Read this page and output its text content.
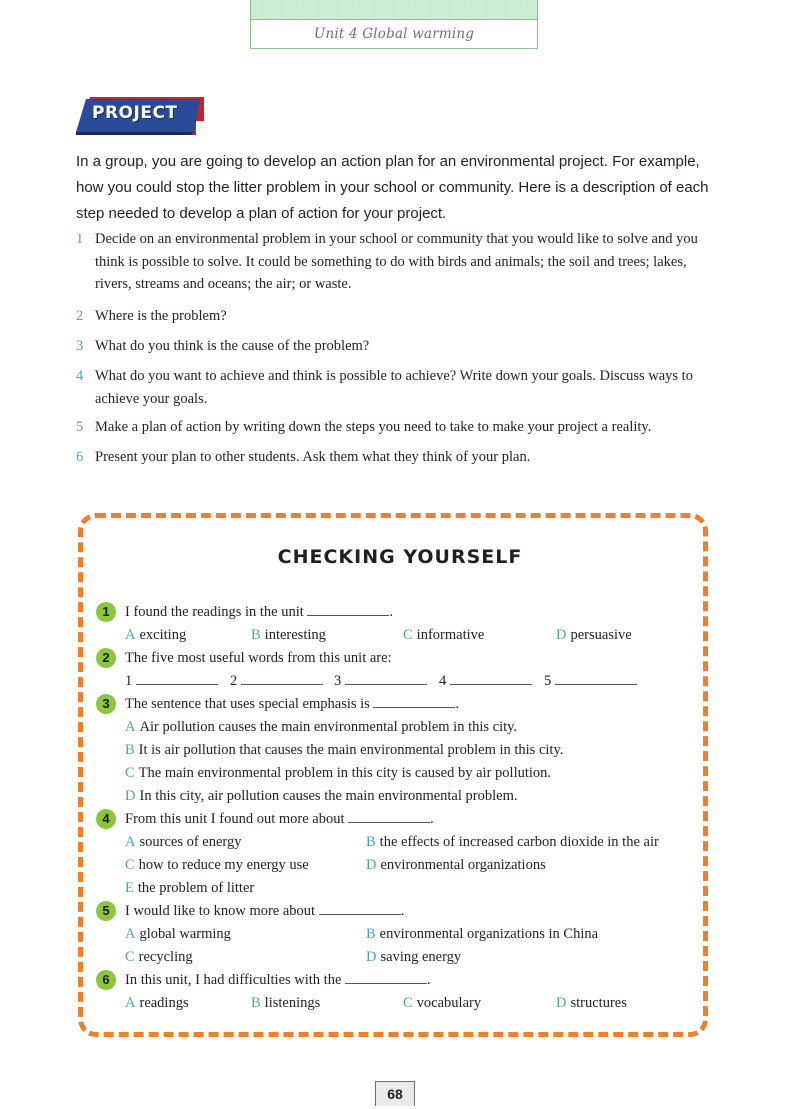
Unit 4 Global warming
PROJECT
In a group, you are going to develop an action plan for an environmental project. For example, how you could stop the litter problem in your school or community. Here is a description of each step needed to develop a plan of action for your project.
1 Decide on an environmental problem in your school or community that you would like to solve and you think is possible to solve. It could be something to do with birds and animals; the soil and trees; lakes, rivers, streams and oceans; the air; or waste.
2 Where is the problem?
3 What do you think is the cause of the problem?
4 What do you want to achieve and think is possible to achieve? Write down your goals. Discuss ways to achieve your goals.
5 Make a plan of action by writing down the steps you need to take to make your project a reality.
6 Present your plan to other students. Ask them what they think of your plan.
CHECKING YOURSELF
1	I found the readings in the unit	.
A exciting	B interesting	C informative	D persuasive
2	The five most useful words from this unit are:
1	2	3	4	5
3	The sentence that uses special emphasis is	.
A Air pollution causes the main environmental problem in this city.
B It is air pollution that causes the main environmental problem in this city.
C The main environmental problem in this city is caused by air pollution.
D In this city, air pollution causes the main environmental problem.
4	From this unit I found out more about	.
A sources of energy	B the effects of increased carbon dioxide in the air
C how to reduce my energy use	D environmental organizations
E the problem of litter
5	I would like to know more about	.
A global warming	B environmental organizations in China
C recycling	D saving energy
6	In this unit, I had difficulties with the	.
A readings	B listenings	C vocabulary	D structures
68
